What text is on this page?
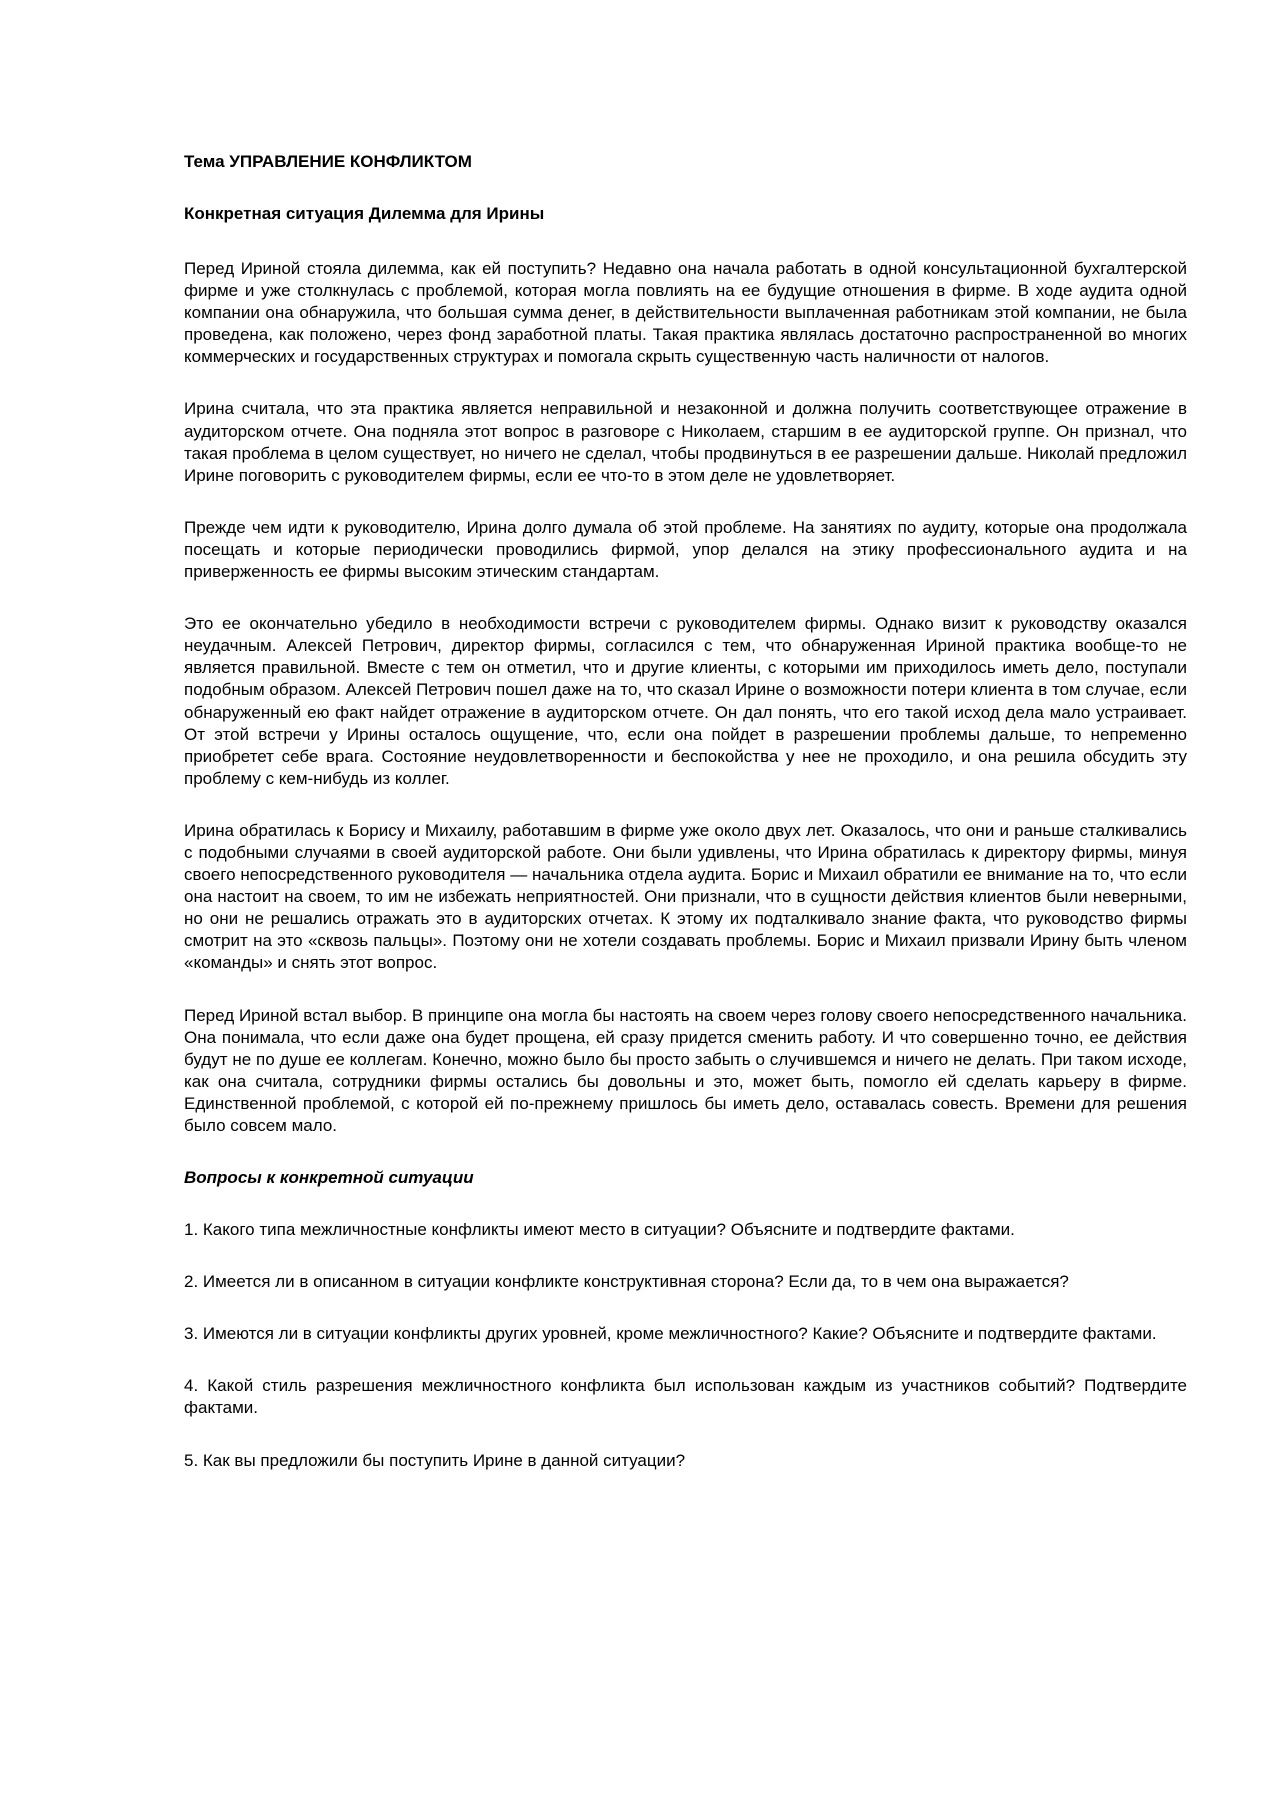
Тема УПРАВЛЕНИЕ КОНФЛИКТОМ

Конкретная ситуация Дилемма для Ирины

Перед Ириной стояла дилемма, как ей поступить? Недавно она начала работать в одной консультационной бухгалтерской фирме и уже столкнулась с проблемой, которая могла повлиять на ее будущие отношения в фирме. В ходе аудита одной компании она обнаружила, что большая сумма денег, в действительности выплаченная работникам этой компании, не была проведена, как положено, через фонд заработной платы. Такая практика являлась достаточно распространенной во многих коммерческих и государственных структурах и помогала скрыть существенную часть наличности от налогов.

Ирина считала, что эта практика является неправильной и незаконной и должна получить соответствующее отражение в аудиторском отчете. Она подняла этот вопрос в разговоре с Николаем, старшим в ее аудиторской группе. Он признал, что такая проблема в целом существует, но ничего не сделал, чтобы продвинуться в ее разрешении дальше. Николай предложил Ирине поговорить с руководителем фирмы, если ее что-то в этом деле не удовлетворяет.

Прежде чем идти к руководителю, Ирина долго думала об этой проблеме. На занятиях по аудиту, которые она продолжала посещать и которые периодически проводились фирмой, упор делался на этику профессионального аудита и на приверженность ее фирмы высоким этическим стандартам.

Это ее окончательно убедило в необходимости встречи с руководителем фирмы. Однако визит к руководству оказался неудачным. Алексей Петрович, директор фирмы, согласился с тем, что обнаруженная Ириной практика вообще-то не является правильной. Вместе с тем он отметил, что и другие клиенты, с которыми им приходилось иметь дело, поступали подобным образом. Алексей Петрович пошел даже на то, что сказал Ирине о возможности потери клиента в том случае, если обнаруженный ею факт найдет отражение в аудиторском отчете. Он дал понять, что его такой исход дела мало устраивает. От этой встречи у Ирины осталось ощущение, что, если она пойдет в разрешении проблемы дальше, то непременно приобретет себе врага. Состояние неудовлетворенности и беспокойства у нее не проходило, и она решила обсудить эту проблему с кем-нибудь из коллег.

Ирина обратилась к Борису и Михаилу, работавшим в фирме уже около двух лет. Оказалось, что они и раньше сталкивались с подобными случаями в своей аудиторской работе. Они были удивлены, что Ирина обратилась к директору фирмы, минуя своего непосредственного руководителя — начальника отдела аудита. Борис и Михаил обратили ее внимание на то, что если она настоит на своем, то им не избежать неприятностей. Они признали, что в сущности действия клиентов были неверными, но они не решались отражать это в аудиторских отчетах. К этому их подталкивало знание факта, что руководство фирмы смотрит на это «сквозь пальцы». Поэтому они не хотели создавать проблемы. Борис и Михаил призвали Ирину быть членом «команды» и снять этот вопрос.

Перед Ириной встал выбор. В принципе она могла бы настоять на своем через голову своего непосредственного начальника. Она понимала, что если даже она будет прощена, ей сразу придется сменить работу. И что совершенно точно, ее действия будут не по душе ее коллегам. Конечно, можно было бы просто забыть о случившемся и ничего не делать. При таком исходе, как она считала, сотрудники фирмы остались бы довольны и это, может быть, помогло ей сделать карьеру в фирме. Единственной проблемой, с которой ей по-прежнему пришлось бы иметь дело, оставалась совесть. Времени для решения было совсем мало.

Вопросы к конкретной ситуации

1. Какого типа межличностные конфликты имеют место в ситуации? Объясните и подтвердите фактами.

2. Имеется ли в описанном в ситуации конфликте конструктивная сторона? Если да, то в чем она выражается?

3. Имеются ли в ситуации конфликты других уровней, кроме межличностного? Какие? Объясните и подтвердите фактами.

4. Какой стиль разрешения межличностного конфликта был использован каждым из участников событий? Подтвердите фактами.

5. Как вы предложили бы поступить Ирине в данной ситуации?
